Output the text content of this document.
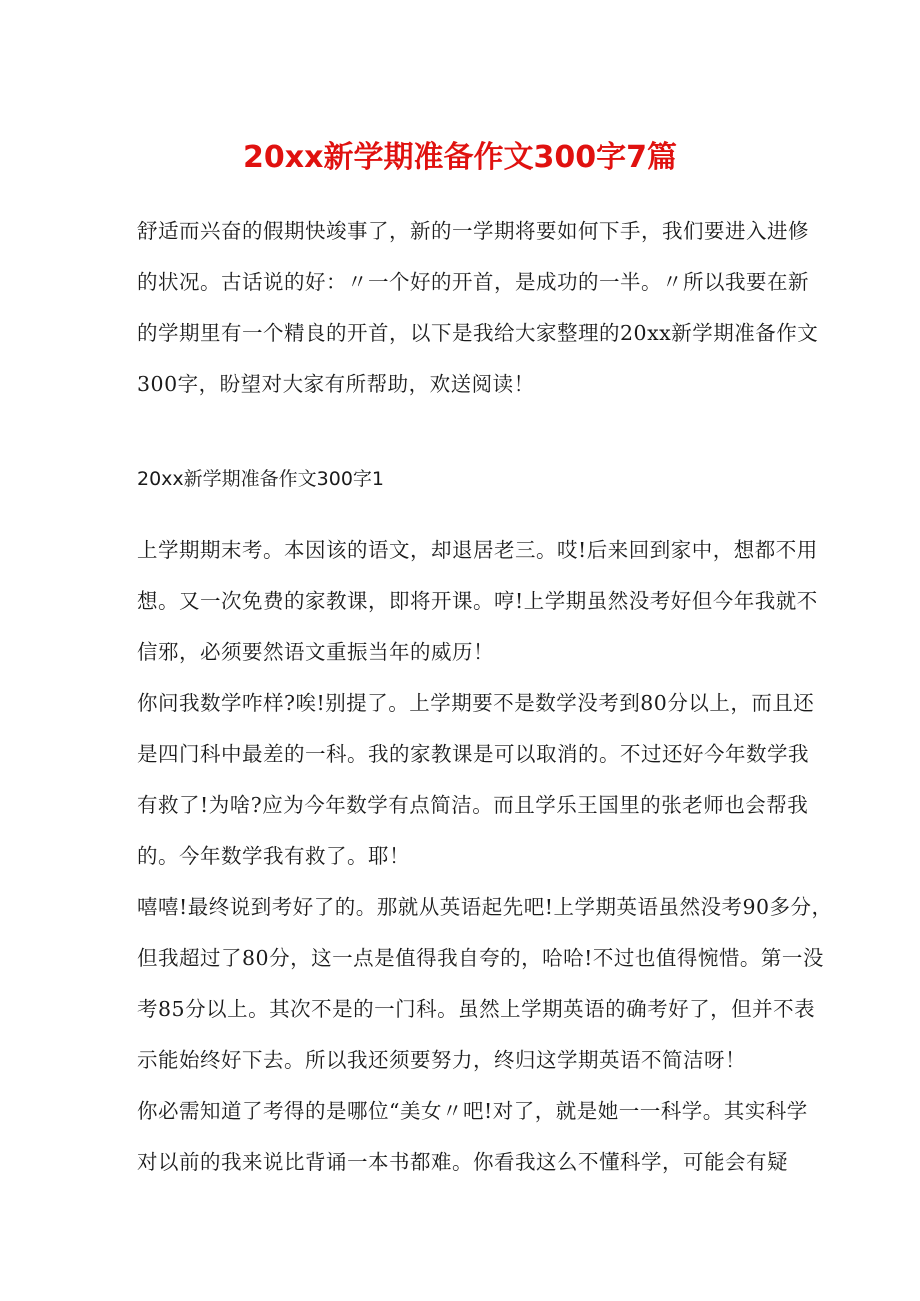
20xx新学期准备作文300字7篇
舒适而兴奋的假期快竣事了，新的一学期将要如何下手，我们要进入进修
的状况。古话说的好：〃一个好的开首，是成功的一半。〃所以我要在新
的学期里有一个精良的开首，以下是我给大家整理的20xx新学期准备作文
300字，盼望对大家有所帮助，欢送阅读！
20xx新学期准备作文300字1
上学期期末考。本因该的语文，却退居老三。哎!后来回到家中，想都不用
想。又一次免费的家教课，即将开课。哼!上学期虽然没考好但今年我就不
信邪，必须要然语文重振当年的威历！
你问我数学咋样?唉!别提了。上学期要不是数学没考到80分以上，而且还
是四门科中最差的一科。我的家教课是可以取消的。不过还好今年数学我
有救了!为啥?应为今年数学有点简洁。而且学乐王国里的张老师也会帮我
的。今年数学我有救了。耶！
嘻嘻!最终说到考好了的。那就从英语起先吧!上学期英语虽然没考90多分，
但我超过了80分，这一点是值得我自夸的，哈哈!不过也值得惋惜。第一没
考85分以上。其次不是的一门科。虽然上学期英语的确考好了，但并不表
示能始终好下去。所以我还须要努力，终归这学期英语不简洁呀！
你必需知道了考得的是哪位“美女〃吧!对了，就是她一一科学。其实科学
对以前的我来说比背诵一本书都难。你看我这么不懂科学，可能会有疑
